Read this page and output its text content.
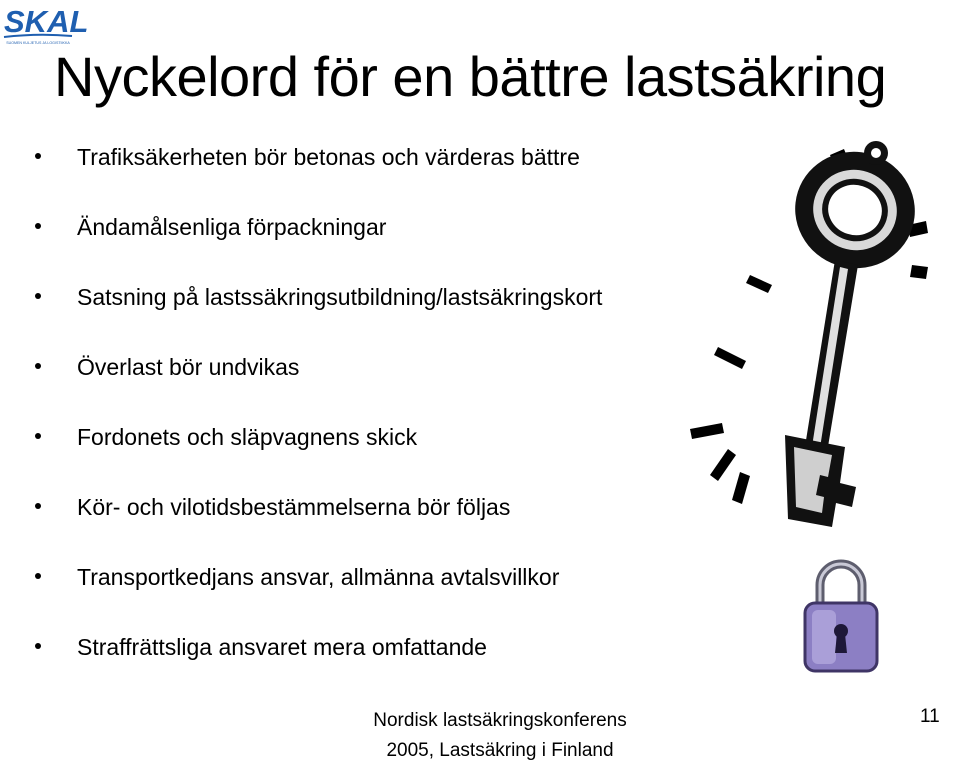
SKAL
SUOMEN KULJETUS JA LOGISTIIKKA
Nyckelord för en bättre lastsäkring
Trafiksäkerheten bör betonas och värderas bättre
Ändamålsenliga förpackningar
Satsning på lastssäkringsutbildning/lastsäkringskort
Överlast bör undvikas
Fordonets och släpvagnens skick
Kör- och vilotidsbestämmelserna bör följas
Transportkedjans ansvar, allmänna avtalsvillkor
Straffrättsliga ansvaret mera omfattande
Nordisk lastsäkringskonferens
2005, Lastsäkring i Finland
11
